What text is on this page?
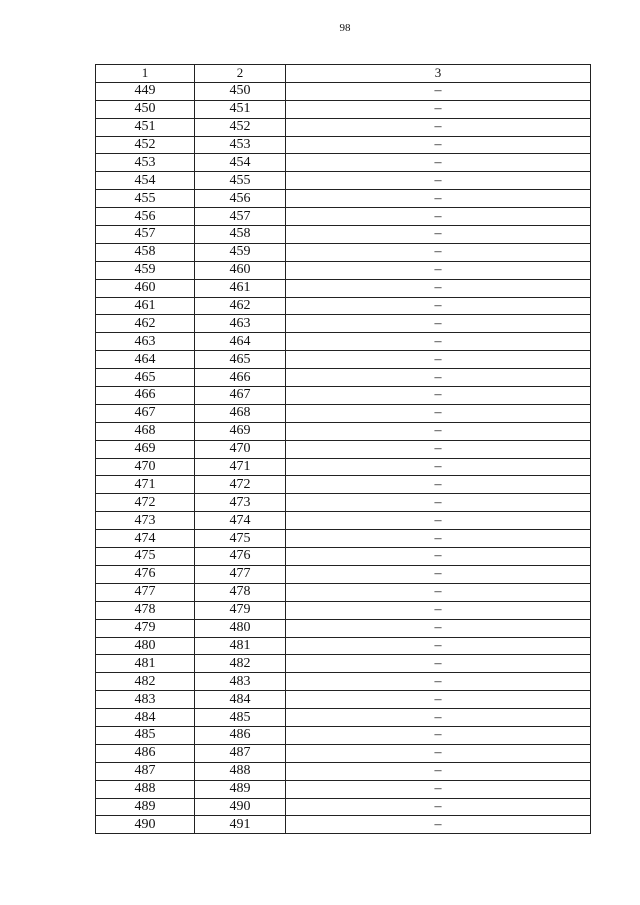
98
1	2	3
449	450	–
450	451	–
451	452	–
452	453	–
453	454	–
454	455	–
455	456	–
456	457	–
457	458	–
458	459	–
459	460	–
460	461	–
461	462	–
462	463	–
463	464	–
464	465	–
465	466	–
466	467	–
467	468	–
468	469	–
469	470	–
470	471	–
471	472	–
472	473	–
473	474	–
474	475	–
475	476	–
476	477	–
477	478	–
478	479	–
479	480	–
480	481	–
481	482	–
482	483	–
483	484	–
484	485	–
485	486	–
486	487	–
487	488	–
488	489	–
489	490	–
490	491	–
